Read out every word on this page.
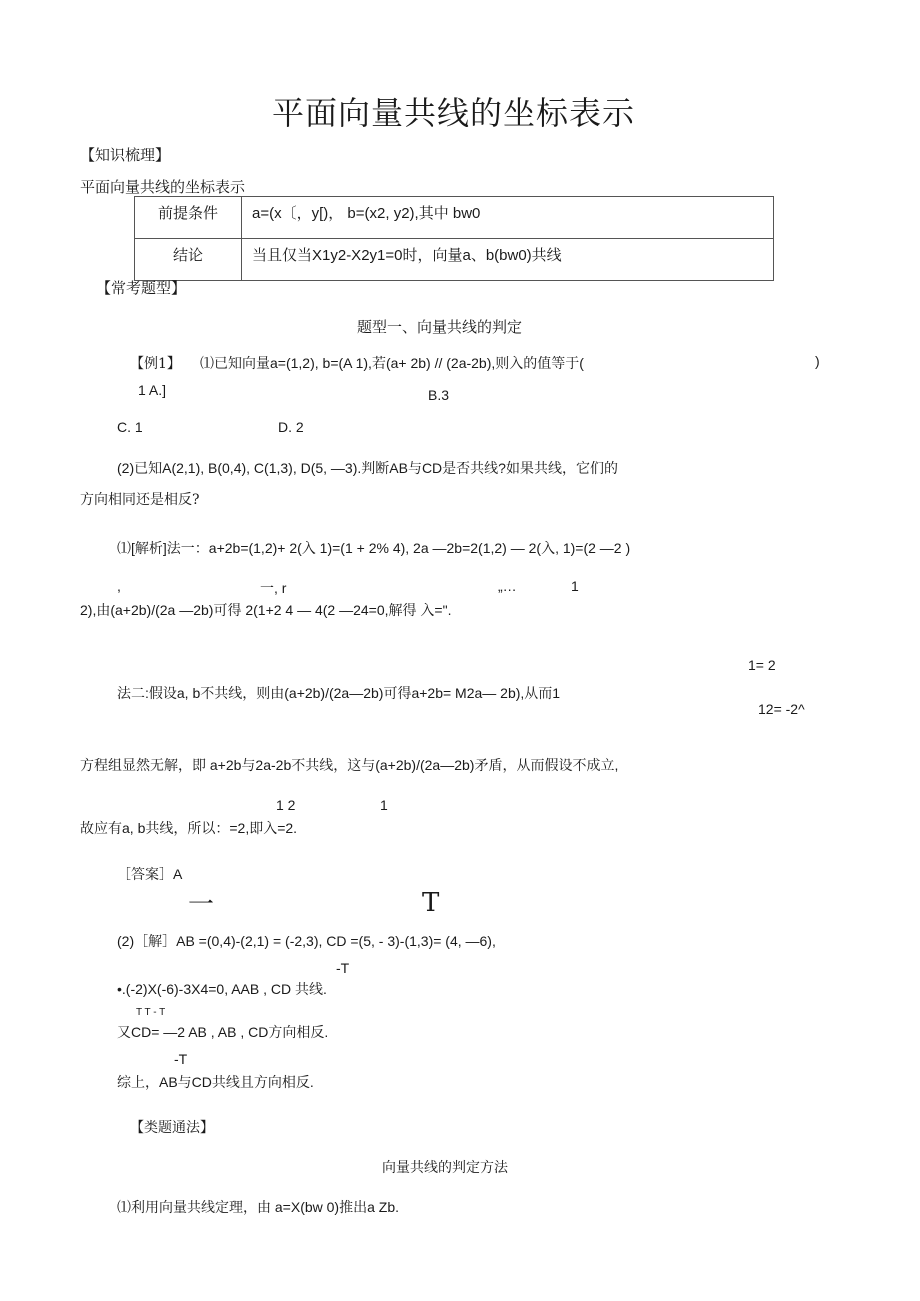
平面向量共线的坐标表示
【知识梳理】
平面向量共线的坐标表示
前提条件	a=(x〔，y[)， b=(x2, y2),其中 bw0
结论	当且仅当X1y2-X2y1=0时，向量a、b(bw0)共线
【常考题型】
题型一、向量共线的判定
【例1】 ⑴已知向量a=(1,2), b=(A 1),若(a+ 2b) // (2a-2b),则入的值等于(	)
1 A.]	B.3
C. 1	D. 2
(2)已知A(2,1), B(0,4), C(1,3), D(5, —3).判断AB与CD是否共线?如果共线，它们的
方向相同还是相反?
⑴[解析]法一：a+2b=(1,2)+ 2(入 1)=(1 + 2% 4), 2a —2b=2(1,2) — 2(入, 1)=(2 —2 )
,	一, r	„…	1
2),由(a+2b)/(2a —2b)可得 2(1+2 4 — 4(2 —24=0,解得 入=".
1= 2
法二:假设a, b不共线，则由(a+2b)/(2a—2b)可得a+2b= M2a— 2b),从而1
12= -2^
方程组显然无解，即 a+2b与2a-2b不共线，这与(a+2b)/(2a—2b)矛盾，从而假设不成立,
1 2	1
故应有a, b共线，所以：=2,即入=2.
［答案］A
一	T
(2)［解］AB =(0,4)-(2,1) = (-2,3), CD =(5, - 3)-(1,3)= (4, —6),
-T
•.(-2)X(-6)-3X4=0, AAB , CD 共线.
T T - T
又CD= —2 AB , AB , CD方向相反.
-T
综上，AB与CD共线且方向相反.
【类题通法】
向量共线的判定方法
⑴利用向量共线定理，由 a=X(bw 0)推出a Zb.
